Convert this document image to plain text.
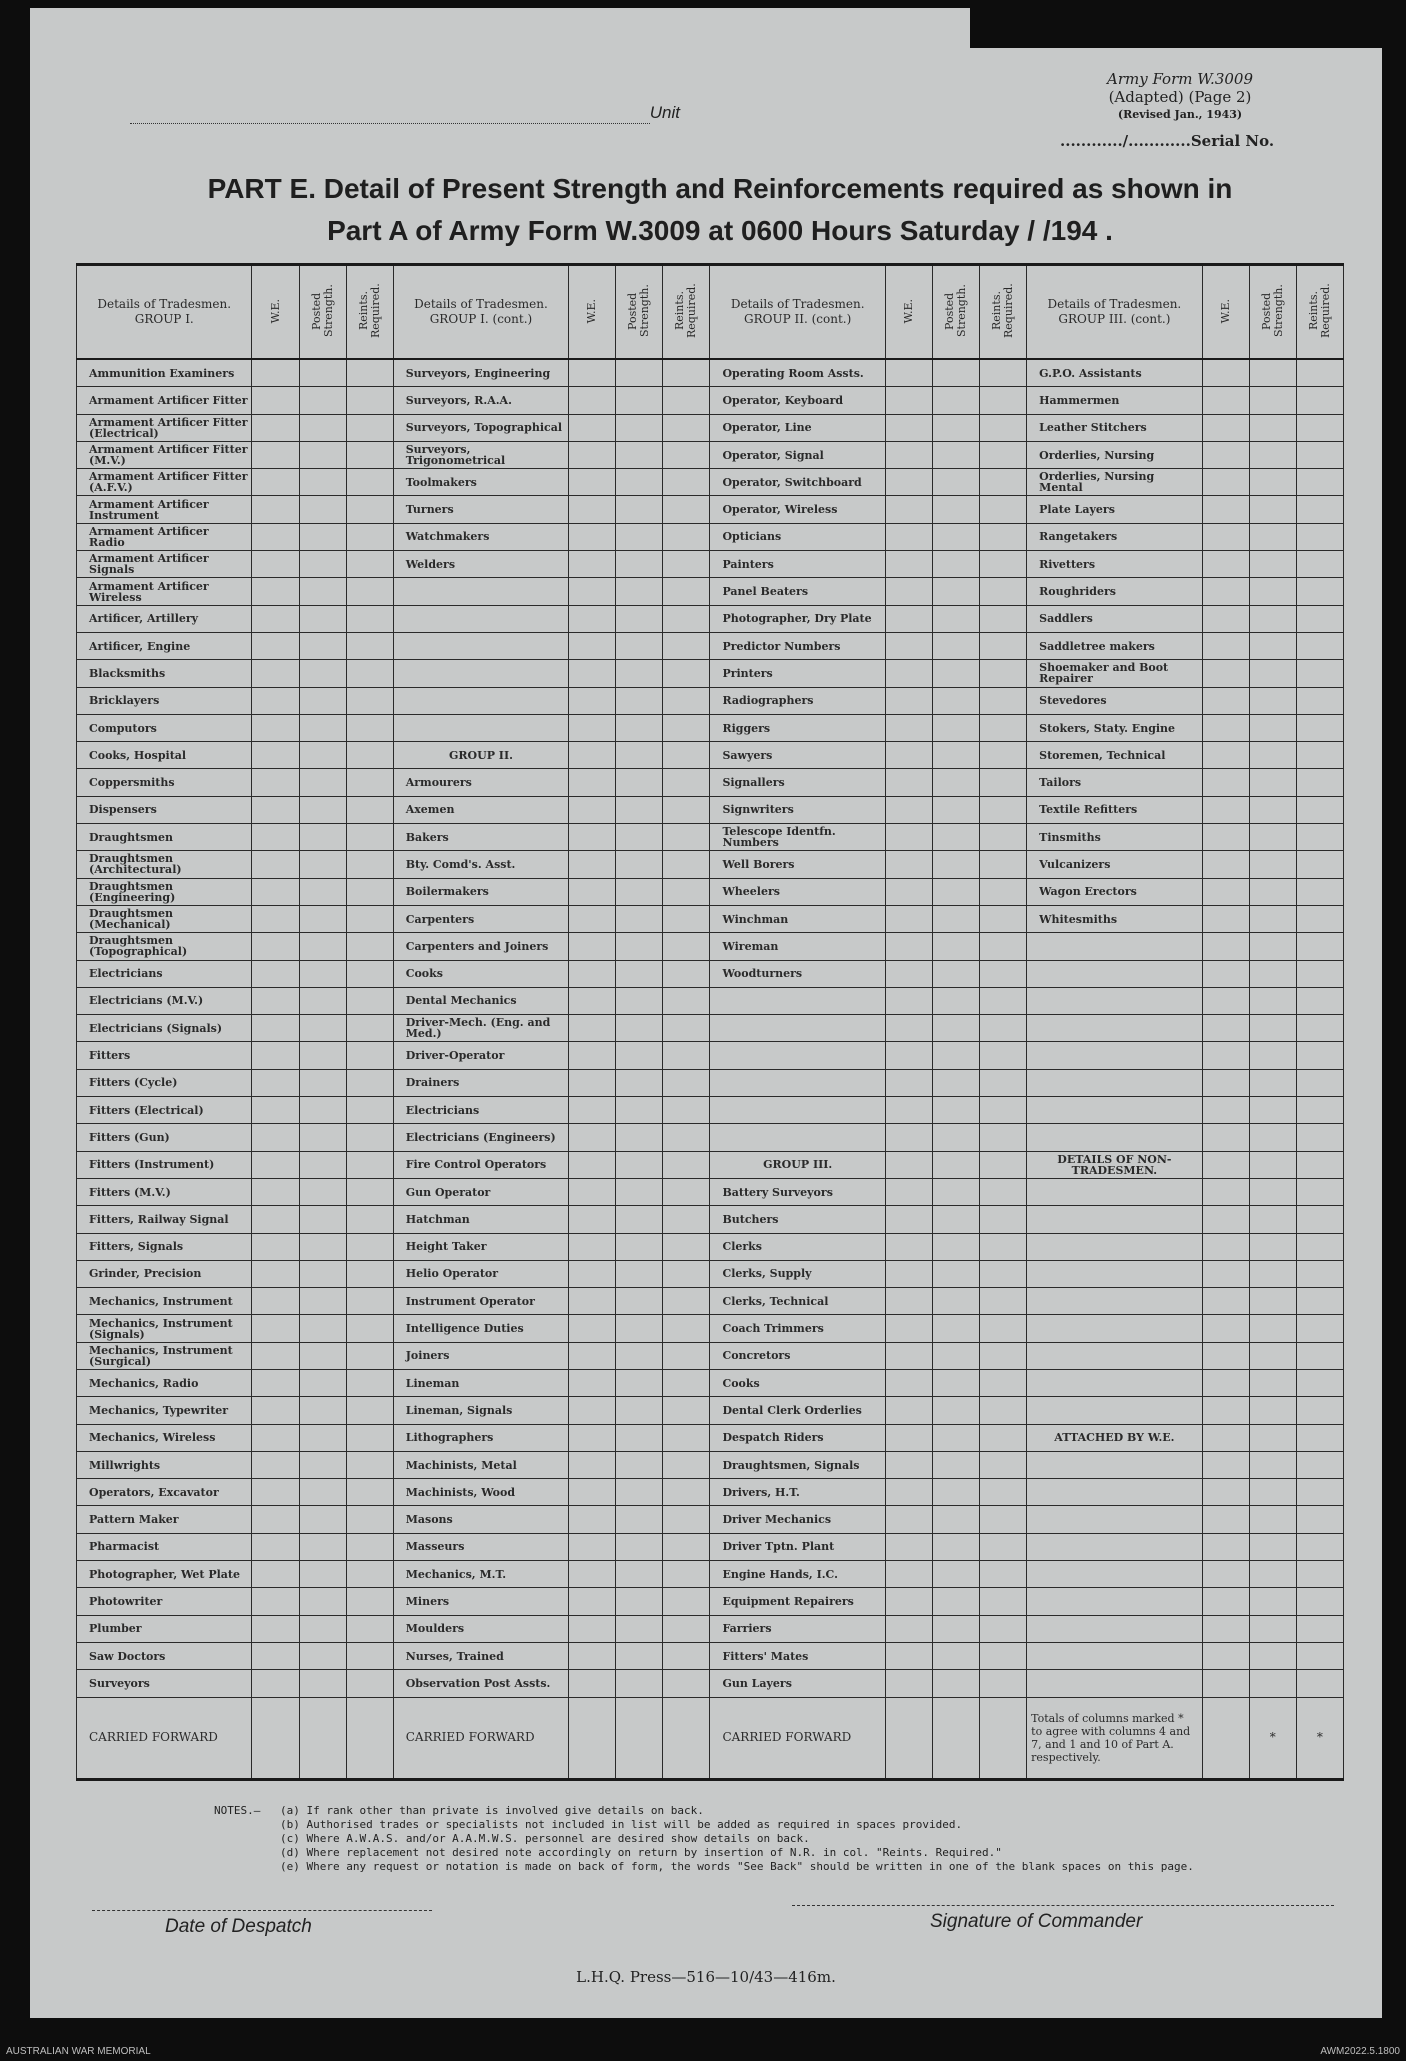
Army Form W.3009
(Adapted) (Page 2)
(Revised Jan., 1943)
............/............Serial No.
Unit
PART E. Detail of Present Strength and Reinforcements required as shown in
Part A of Army Form W.3009 at 0600 Hours Saturday / /194 .
Details of Tradesmen. GROUP I.	W.E.	Posted Strength.	Reints. Required.	Details of Tradesmen. GROUP I. (cont.)	W.E.	Posted Strength.	Reints. Required.	Details of Tradesmen. GROUP II. (cont.)	W.E.	Posted Strength.	Reints. Required.	Details of Tradesmen. GROUP III. (cont.)	W.E.	Posted Strength.	Reints. Required.
Ammunition Examiners				Surveyors, Engineering				Operating Room Assts.				G.P.O. Assistants			
Armament Artificer Fitter				Surveyors, R.A.A.				Operator, Keyboard				Hammermen			
Armament Artificer Fitter (Electrical)				Surveyors, Topographical				Operator, Line				Leather Stitchers			
Armament Artificer Fitter (M.V.)				Surveyors, Trigonometrical				Operator, Signal				Orderlies, Nursing			
Armament Artificer Fitter (A.F.V.)				Toolmakers				Operator, Switchboard				Orderlies, Nursing Mental			
Armament Artificer Instrument				Turners				Operator, Wireless				Plate Layers			
Armament Artificer Radio				Watchmakers				Opticians				Rangetakers			
Armament Artificer Signals				Welders				Painters				Rivetters			
Armament Artificer Wireless								Panel Beaters				Roughriders			
Artificer, Artillery								Photographer, Dry Plate				Saddlers			
Artificer, Engine								Predictor Numbers				Saddletree makers			
Blacksmiths								Printers				Shoemaker and Boot Repairer			
Bricklayers								Radiographers				Stevedores			
Computors								Riggers				Stokers, Staty. Engine			
Cooks, Hospital				GROUP II.				Sawyers				Storemen, Technical			
Coppersmiths				Armourers				Signallers				Tailors			
Dispensers				Axemen				Signwriters				Textile Refitters			
Draughtsmen				Bakers				Telescope Identfn. Numbers				Tinsmiths			
Draughtsmen (Architectural)				Bty. Comd's. Asst.				Well Borers				Vulcanizers			
Draughtsmen (Engineering)				Boilermakers				Wheelers				Wagon Erectors			
Draughtsmen (Mechanical)				Carpenters				Winchman				Whitesmiths			
Draughtsmen (Topographical)				Carpenters and Joiners				Wireman							
Electricians				Cooks				Woodturners							
Electricians (M.V.)				Dental Mechanics											
Electricians (Signals)				Driver-Mech. (Eng. and Med.)											
Fitters				Driver-Operator											
Fitters (Cycle)				Drainers											
Fitters (Electrical)				Electricians											
Fitters (Gun)				Electricians (Engineers)											
Fitters (Instrument)				Fire Control Operators				GROUP III.				DETAILS OF NON-TRADESMEN.			
Fitters (M.V.)				Gun Operator				Battery Surveyors							
Fitters, Railway Signal				Hatchman				Butchers							
Fitters, Signals				Height Taker				Clerks							
Grinder, Precision				Helio Operator				Clerks, Supply							
Mechanics, Instrument				Instrument Operator				Clerks, Technical							
Mechanics, Instrument (Signals)				Intelligence Duties				Coach Trimmers							
Mechanics, Instrument (Surgical)				Joiners				Concretors							
Mechanics, Radio				Lineman				Cooks							
Mechanics, Typewriter				Lineman, Signals				Dental Clerk Orderlies							
Mechanics, Wireless				Lithographers				Despatch Riders				ATTACHED BY W.E.			
Millwrights				Machinists, Metal				Draughtsmen, Signals							
Operators, Excavator				Machinists, Wood				Drivers, H.T.							
Pattern Maker				Masons				Driver Mechanics							
Pharmacist				Masseurs				Driver Tptn. Plant							
Photographer, Wet Plate				Mechanics, M.T.				Engine Hands, I.C.							
Photowriter				Miners				Equipment Repairers							
Plumber				Moulders				Farriers							
Saw Doctors				Nurses, Trained				Fitters' Mates							
Surveyors				Observation Post Assts.				Gun Layers							
CARRIED FORWARD				CARRIED FORWARD				CARRIED FORWARD				Totals of columns marked * to agree with columns 4 and 7, and 1 and 10 of Part A. respectively.		*	*
NOTES.— (a) If rank other than private is involved give details on back.
(b) Authorised trades or specialists not included in list will be added as required in spaces provided.
(c) Where A.W.A.S. and/or A.A.M.W.S. personnel are desired show details on back.
(d) Where replacement not desired note accordingly on return by insertion of N.R. in col. "Reints. Required."
(e) Where any request or notation is made on back of form, the words "See Back" should be written in one of the blank spaces on this page.
Date of Despatch	Signature of Commander
L.H.Q. Press—516—10/43—416m.
AUSTRALIAN WAR MEMORIAL	AWM2022.5.1800
